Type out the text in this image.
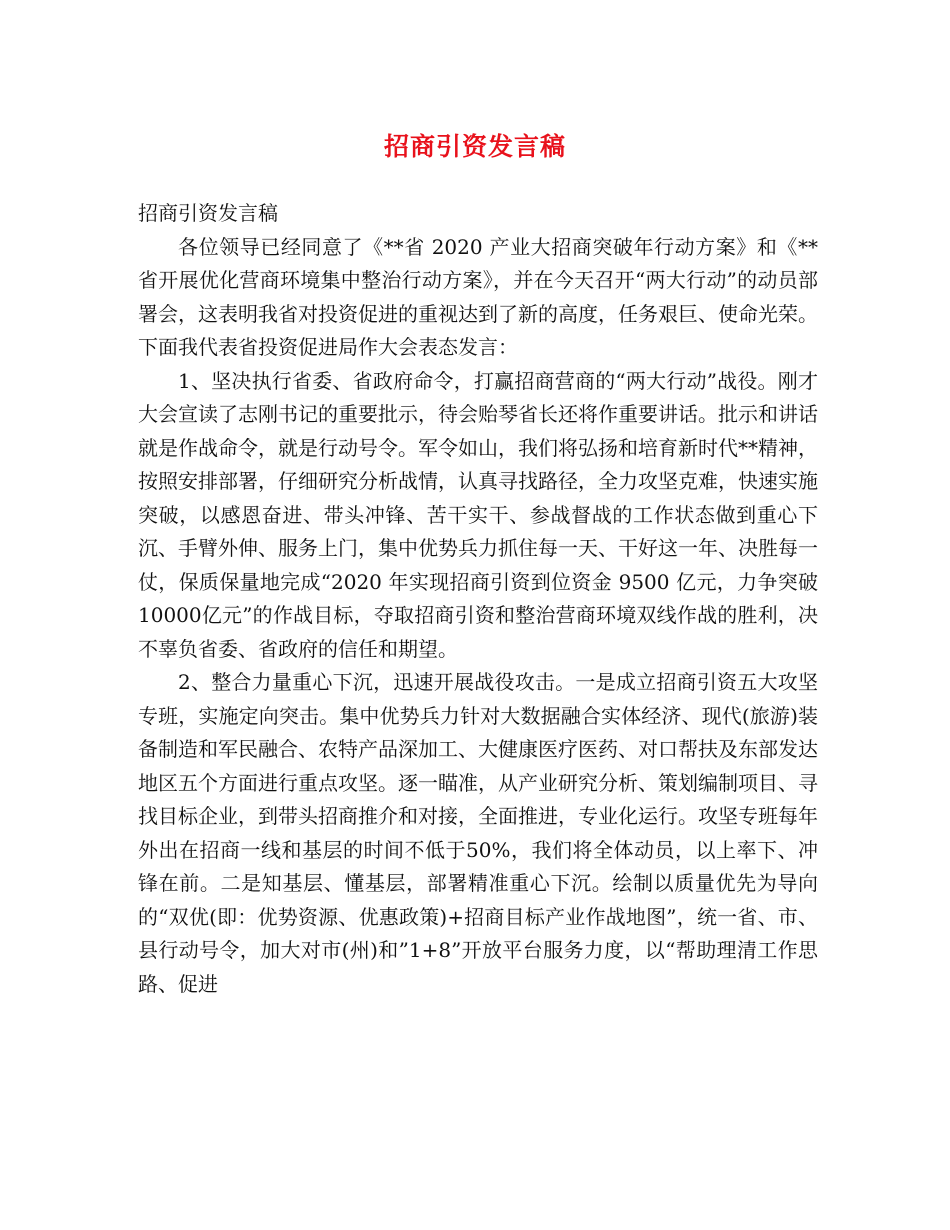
招商引资发言稿

招商引资发言稿

各位领导已经同意了《**省 2020 产业大招商突破年行动方案》和《**省开展优化营商环境集中整治行动方案》，并在今天召开“两大行动”的动员部署会，这表明我省对投资促进的重视达到了新的高度，任务艰巨、使命光荣。下面我代表省投资促进局作大会表态发言：

1、坚决执行省委、省政府命令，打赢招商营商的“两大行动”战役。刚才大会宣读了志刚书记的重要批示，待会贻琴省长还将作重要讲话。批示和讲话就是作战命令，就是行动号令。军令如山，我们将弘扬和培育新时代**精神，按照安排部署，仔细研究分析战情，认真寻找路径，全力攻坚克难，快速实施突破，以感恩奋进、带头冲锋、苦干实干、参战督战的工作状态做到重心下沉、手臂外伸、服务上门，集中优势兵力抓住每一天、干好这一年、决胜每一仗，保质保量地完成“2020 年实现招商引资到位资金 9500 亿元，力争突破 10000亿元”的作战目标，夺取招商引资和整治营商环境双线作战的胜利，决不辜负省委、省政府的信任和期望。

2、整合力量重心下沉，迅速开展战役攻击。一是成立招商引资五大攻坚专班，实施定向突击。集中优势兵力针对大数据融合实体经济、现代(旅游)装备制造和军民融合、农特产品深加工、大健康医疗医药、对口帮扶及东部发达地区五个方面进行重点攻坚。逐一瞄准，从产业研究分析、策划编制项目、寻找目标企业，到带头招商推介和对接，全面推进，专业化运行。攻坚专班每年外出在招商一线和基层的时间不低于50%，我们将全体动员，以上率下、冲锋在前。二是知基层、懂基层，部署精准重心下沉。绘制以质量优先为导向的“双优(即：优势资源、优惠政策)+招商目标产业作战地图”，统一省、市、县行动号令，加大对市(州)和”1+8”开放平台服务力度，以“帮助理清工作思路、促进
